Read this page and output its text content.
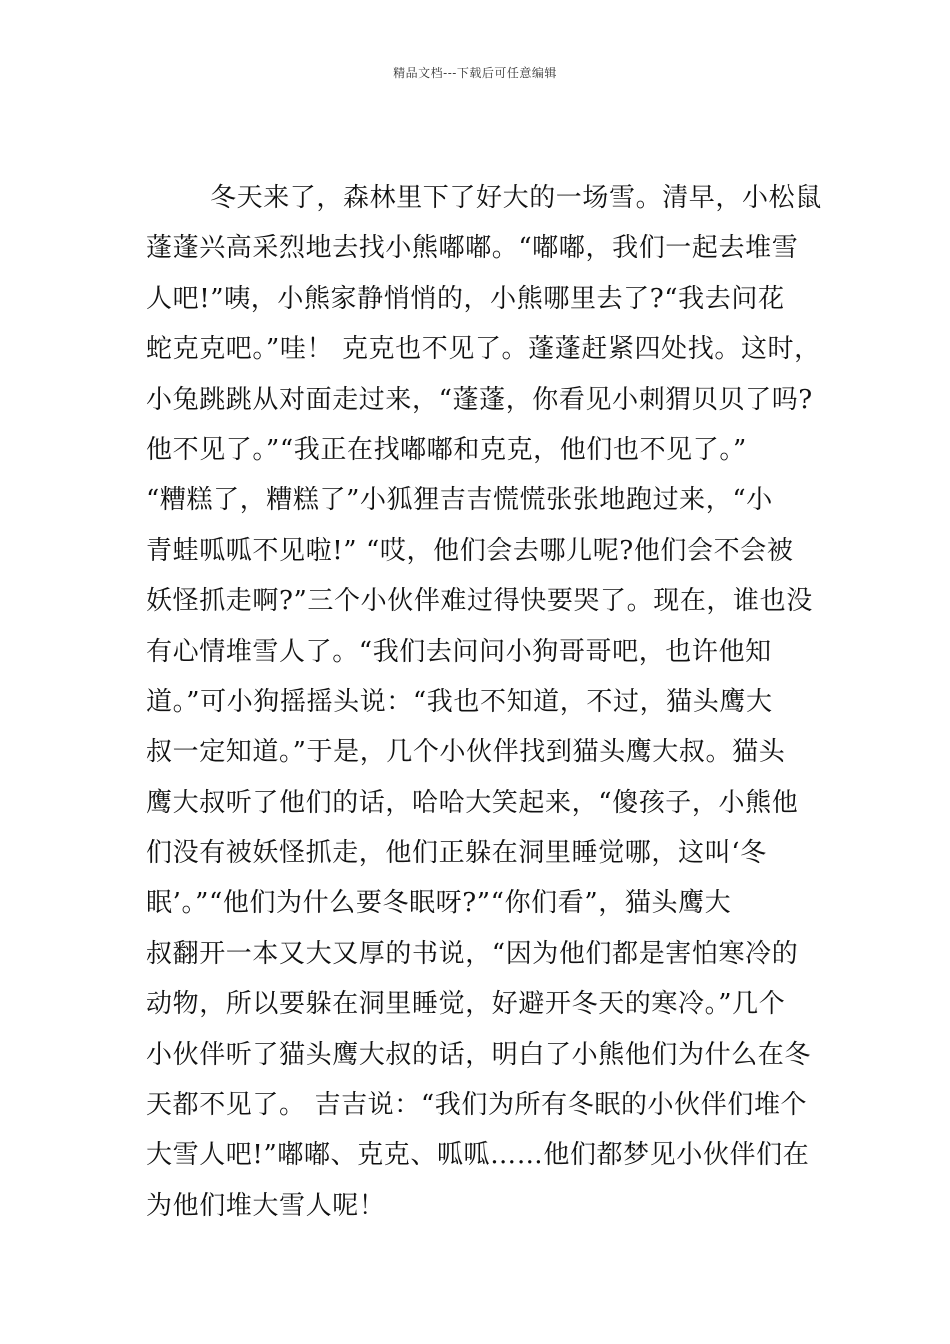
精品文档---下载后可任意编辑
冬天来了，森林里下了好大的一场雪。清早，小松鼠
蓬蓬兴高采烈地去找小熊嘟嘟。“嘟嘟，我们一起去堆雪
人吧!”咦，小熊家静悄悄的，小熊哪里去了?“我去问花
蛇克克吧。”哇！ 克克也不见了。蓬蓬赶紧四处找。这时，
小兔跳跳从对面走过来，“蓬蓬，你看见小刺猬贝贝了吗?
他不见了。”“我正在找嘟嘟和克克，他们也不见了。”
“糟糕了，糟糕了”小狐狸吉吉慌慌张张地跑过来，“小
青蛙呱呱不见啦!” “哎，他们会去哪儿呢?他们会不会被
妖怪抓走啊?”三个小伙伴难过得快要哭了。现在，谁也没
有心情堆雪人了。“我们去问问小狗哥哥吧，也许他知
道。”可小狗摇摇头说：“我也不知道，不过，猫头鹰大
叔一定知道。”于是，几个小伙伴找到猫头鹰大叔。猫头
鹰大叔听了他们的话，哈哈大笑起来，“傻孩子，小熊他
们没有被妖怪抓走，他们正躲在洞里睡觉哪，这叫‘冬
眠’。”“他们为什么要冬眠呀?”“你们看”，猫头鹰大
叔翻开一本又大又厚的书说，“因为他们都是害怕寒冷的
动物，所以要躲在洞里睡觉，好避开冬天的寒冷。”几个
小伙伴听了猫头鹰大叔的话，明白了小熊他们为什么在冬
天都不见了。 吉吉说：“我们为所有冬眠的小伙伴们堆个
大雪人吧!”嘟嘟、克克、呱呱……他们都梦见小伙伴们在
为他们堆大雪人呢！
